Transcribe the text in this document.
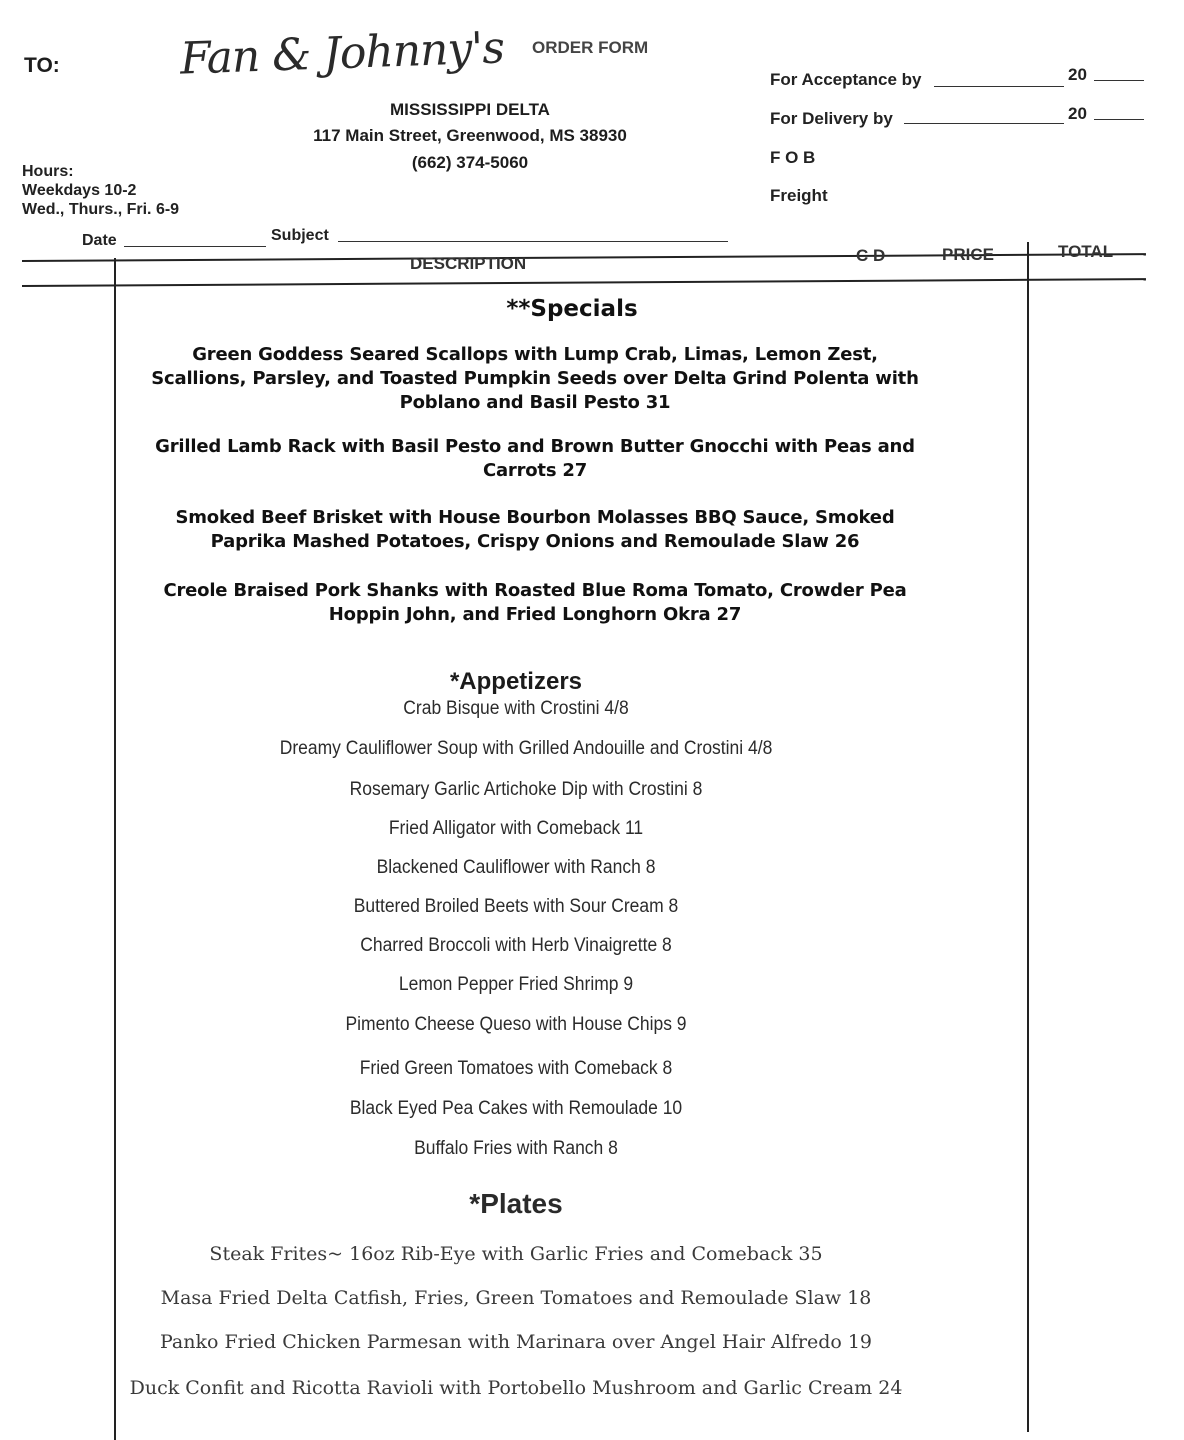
TO:	Fan & Johnny's ORDER FORM
MISSISSIPPI DELTA
117 Main Street, Greenwood, MS 38930
(662) 374-5060
Hours:
Weekdays 10-2
Wed., Thurs., Fri. 6-9
For Acceptance by	20
For Delivery by	20
F O B
Freight
Date	Subject
DESCRIPTION	C D	PRICE	TOTAL
**Specials
Green Goddess Seared Scallops with Lump Crab, Limas, Lemon Zest, Scallions, Parsley, and Toasted Pumpkin Seeds over Delta Grind Polenta with Poblano and Basil Pesto 31
Grilled Lamb Rack with Basil Pesto and Brown Butter Gnocchi with Peas and Carrots 27
Smoked Beef Brisket with House Bourbon Molasses BBQ Sauce, Smoked Paprika Mashed Potatoes, Crispy Onions and Remoulade Slaw 26
Creole Braised Pork Shanks with Roasted Blue Roma Tomato, Crowder Pea Hoppin John, and Fried Longhorn Okra 27
*Appetizers
Crab Bisque with Crostini 4/8
Dreamy Cauliflower Soup with Grilled Andouille and Crostini 4/8
Rosemary Garlic Artichoke Dip with Crostini 8
Fried Alligator with Comeback 11
Blackened Cauliflower with Ranch 8
Buttered Broiled Beets with Sour Cream 8
Charred Broccoli with Herb Vinaigrette 8
Lemon Pepper Fried Shrimp 9
Pimento Cheese Queso with House Chips 9
Fried Green Tomatoes with Comeback 8
Black Eyed Pea Cakes with Remoulade 10
Buffalo Fries with Ranch 8
*Plates
Steak Frites~ 16oz Rib-Eye with Garlic Fries and Comeback 35
Masa Fried Delta Catfish, Fries, Green Tomatoes and Remoulade Slaw 18
Panko Fried Chicken Parmesan with Marinara over Angel Hair Alfredo 19
Duck Confit and Ricotta Ravioli with Portobello Mushroom and Garlic Cream 24
